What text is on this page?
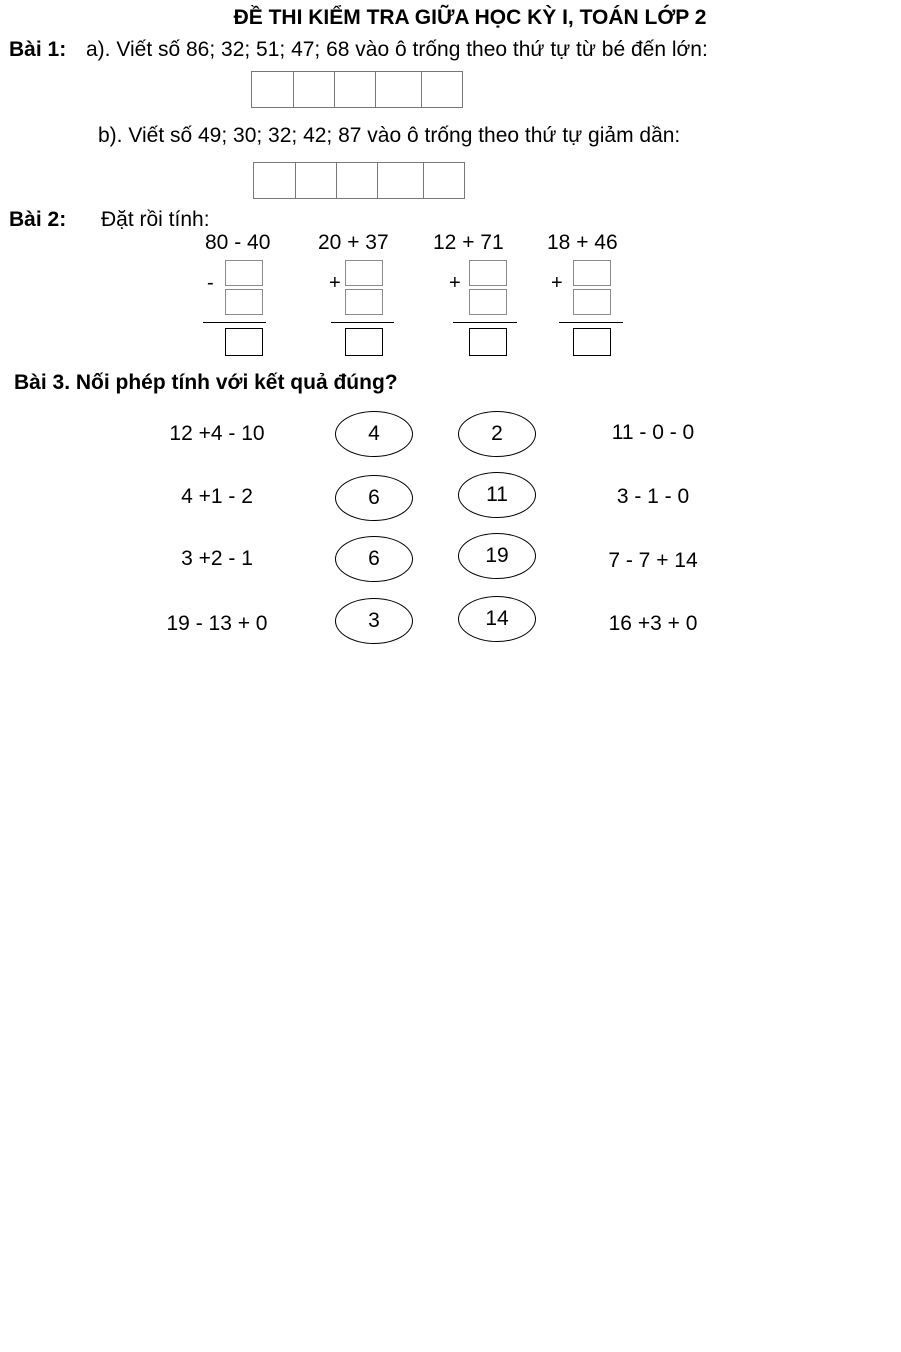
ĐỀ THI KIỂM TRA GIỮA HỌC KỲ I, TOÁN LỚP 2
Bài 1: a). Viết số 86; 32; 51; 47; 68 vào ô trống theo thứ tự từ bé đến lớn:
b). Viết số 49; 30; 32; 42; 87 vào ô trống theo thứ tự giảm dần:
Bài 2: Đặt rồi tính:
80 - 40
-
20 + 37
+
12 + 71
+
18 + 46
+
Bài 3. Nối phép tính với kết quả đúng?
12 +4 - 10	4	2	11 - 0 - 0
4 +1 - 2	6	11	3 - 1 - 0
3 +2 - 1	6	19	7 - 7 + 14
19 - 13 + 0	3	14	16 +3 + 0
